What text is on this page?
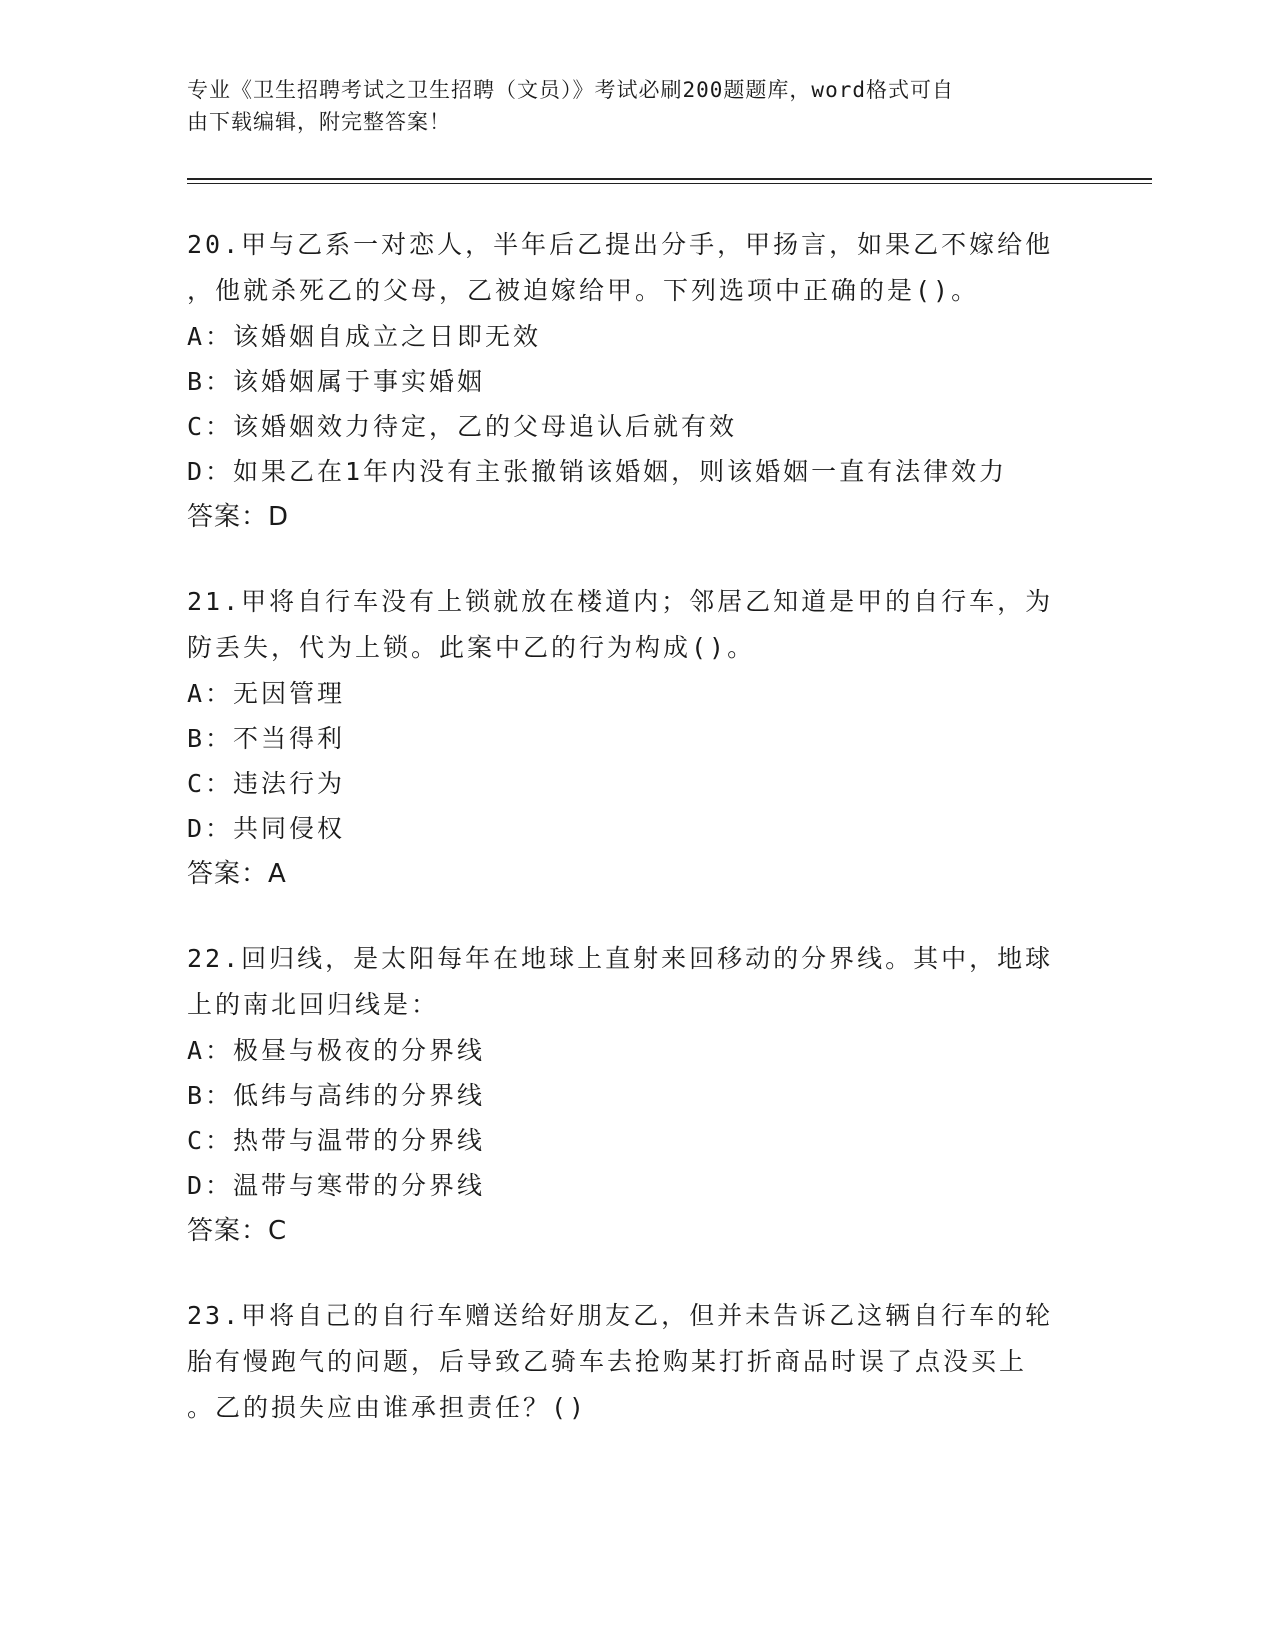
专业《卫生招聘考试之卫生招聘（文员）》考试必刷200题题库，word格式可自
由下载编辑，附完整答案！

20.甲与乙系一对恋人，半年后乙提出分手，甲扬言，如果乙不嫁给他

，他就杀死乙的父母，乙被迫嫁给甲。下列选项中正确的是()。

A：该婚姻自成立之日即无效

B：该婚姻属于事实婚姻

C：该婚姻效力待定，乙的父母追认后就有效

D：如果乙在1年内没有主张撤销该婚姻，则该婚姻一直有法律效力

答案：D

21.甲将自行车没有上锁就放在楼道内；邻居乙知道是甲的自行车，为

防丢失，代为上锁。此案中乙的行为构成()。

A：无因管理

B：不当得利

C：违法行为

D：共同侵权

答案：A

22.回归线，是太阳每年在地球上直射来回移动的分界线。其中，地球

上的南北回归线是：

A：极昼与极夜的分界线

B：低纬与高纬的分界线

C：热带与温带的分界线

D：温带与寒带的分界线

答案：C

23.甲将自己的自行车赠送给好朋友乙，但并未告诉乙这辆自行车的轮

胎有慢跑气的问题，后导致乙骑车去抢购某打折商品时误了点没买上

。乙的损失应由谁承担责任？()
